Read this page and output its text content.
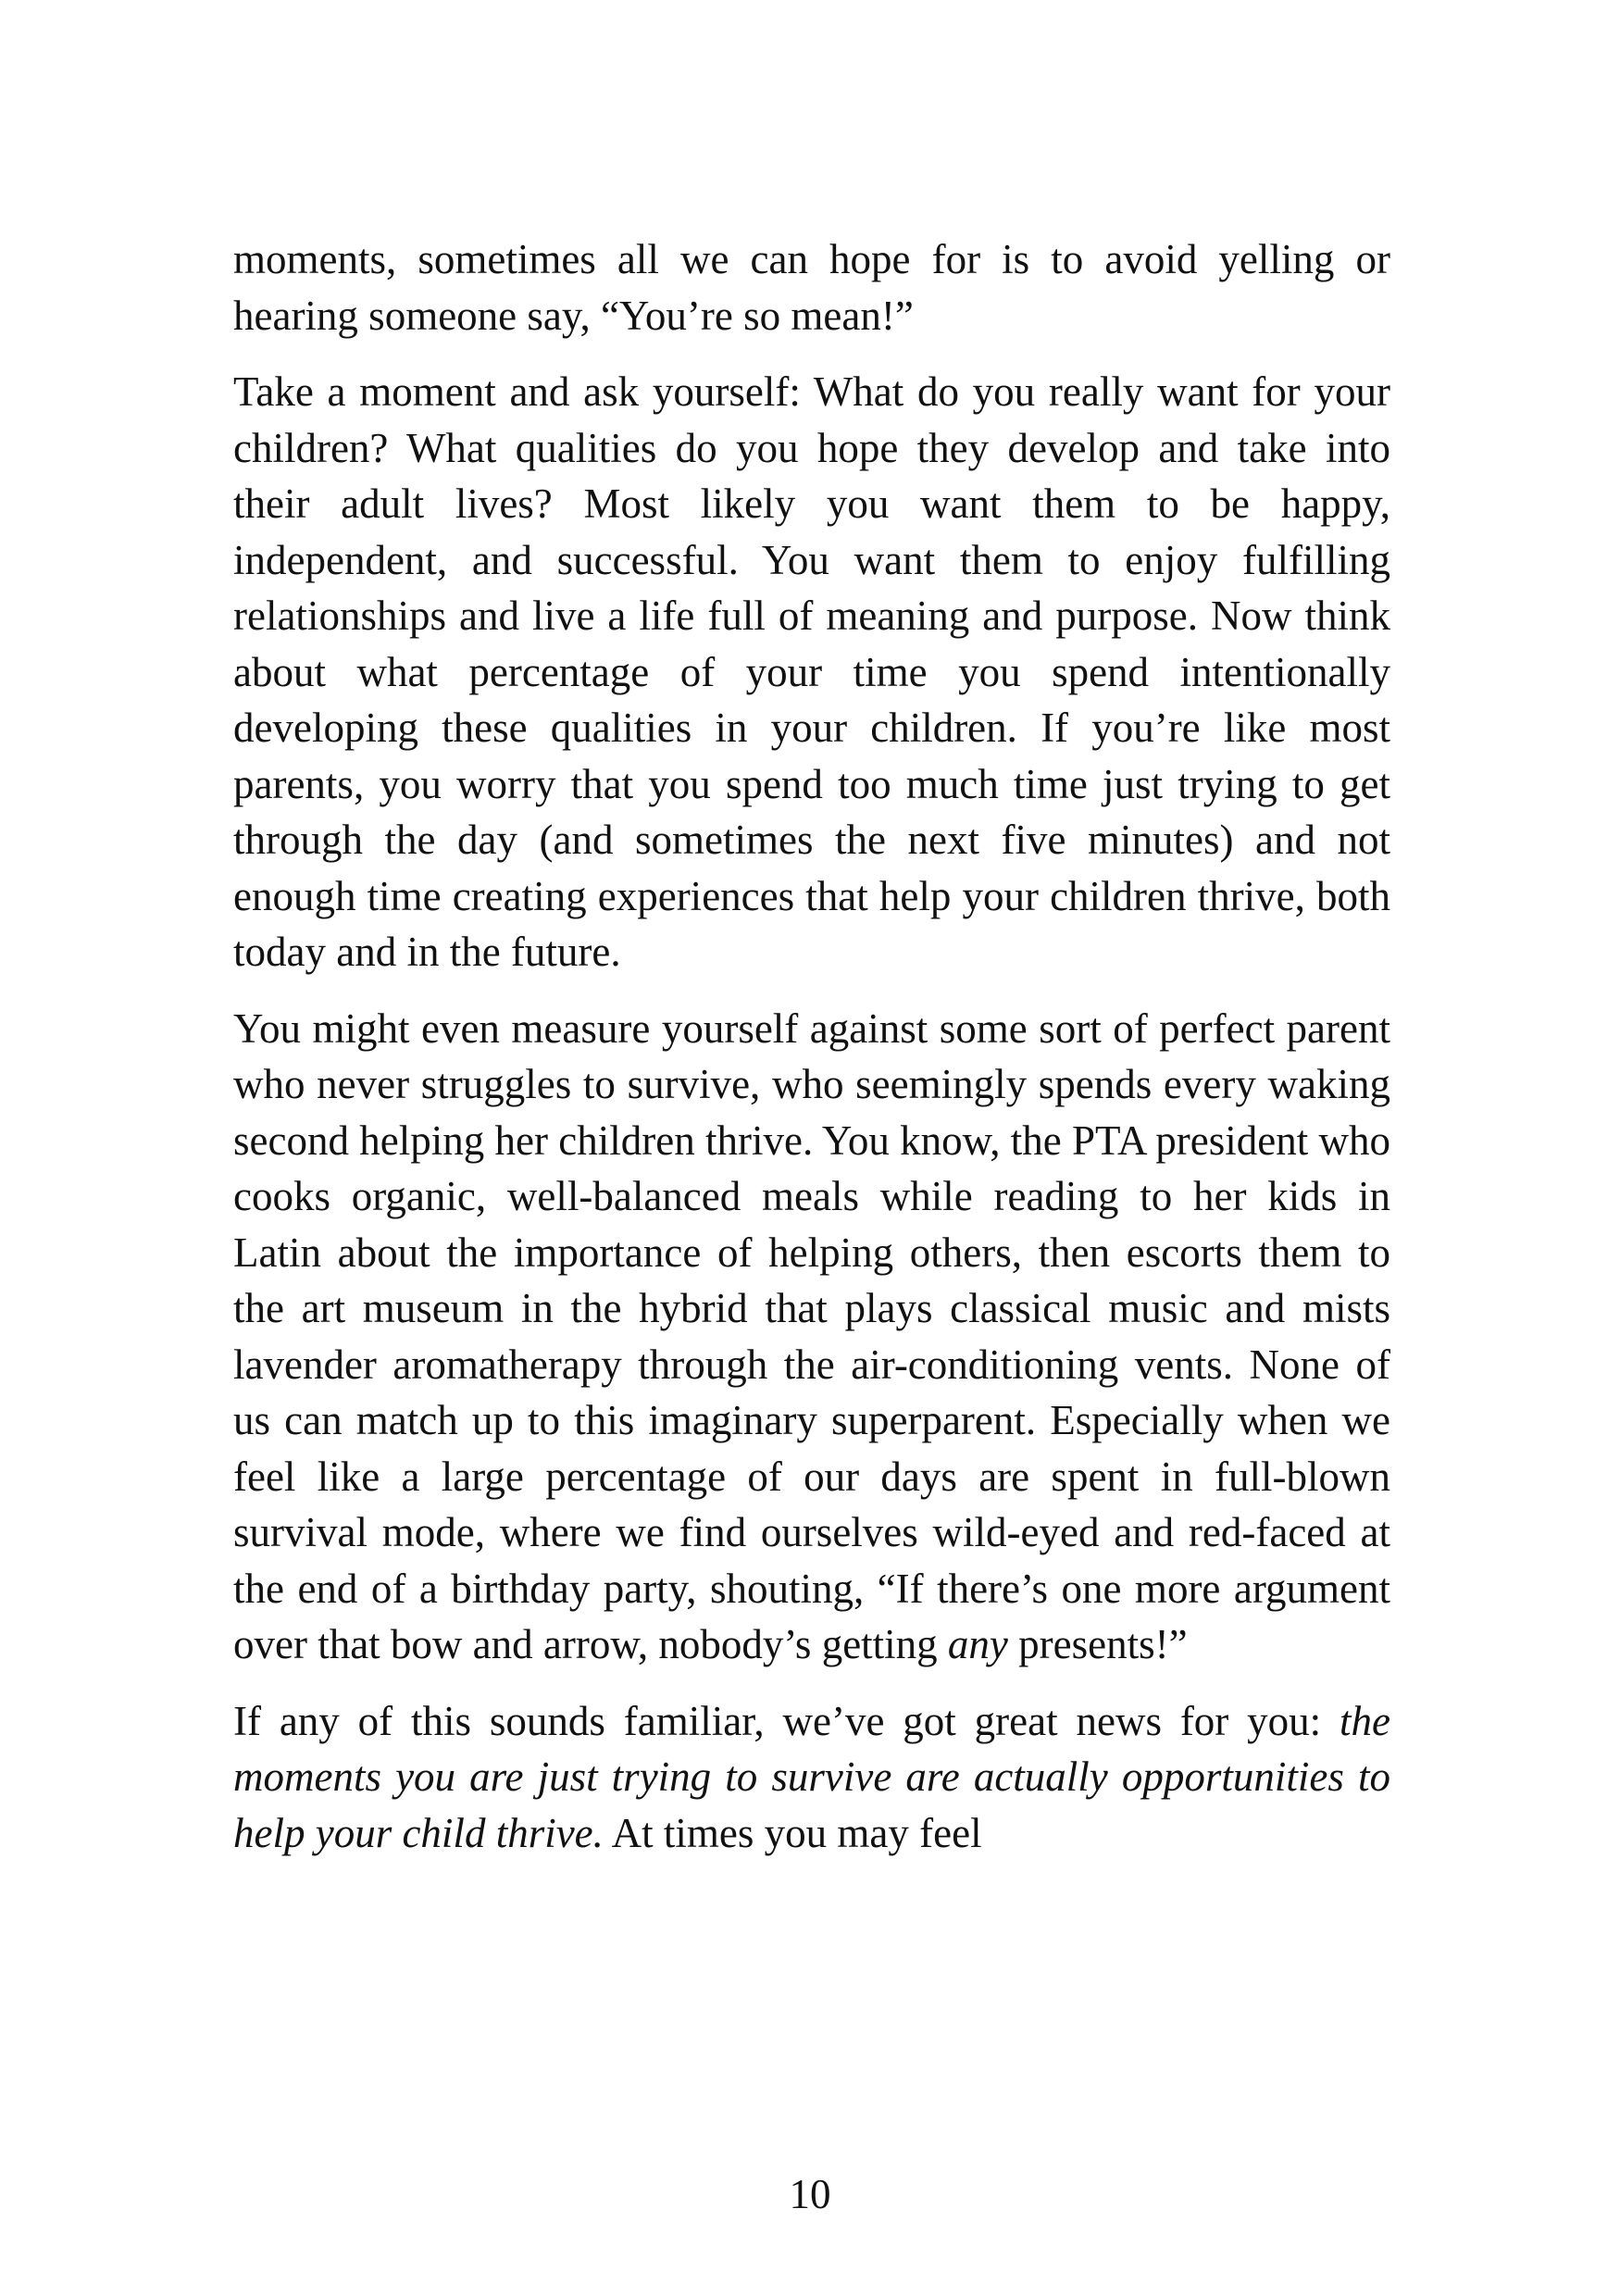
moments, sometimes all we can hope for is to avoid yelling or hearing someone say, “You’re so mean!”

Take a moment and ask yourself: What do you really want for your children? What qualities do you hope they develop and take into their adult lives? Most likely you want them to be happy, independent, and successful. You want them to enjoy fulfilling relationships and live a life full of meaning and purpose. Now think about what percentage of your time you spend intentionally developing these qualities in your children. If you’re like most parents, you worry that you spend too much time just trying to get through the day (and sometimes the next five minutes) and not enough time creating experiences that help your children thrive, both today and in the future.

You might even measure yourself against some sort of perfect parent who never struggles to survive, who seemingly spends every waking second helping her children thrive. You know, the PTA president who cooks organic, well-balanced meals while reading to her kids in Latin about the importance of helping others, then escorts them to the art museum in the hybrid that plays classical music and mists lavender aromatherapy through the air-conditioning vents. None of us can match up to this imaginary superparent. Especially when we feel like a large percentage of our days are spent in full-blown survival mode, where we find ourselves wild-eyed and red-faced at the end of a birthday party, shouting, “If there’s one more argument over that bow and arrow, nobody’s getting any presents!”

If any of this sounds familiar, we’ve got great news for you: the moments you are just trying to survive are actually opportunities to help your child thrive. At times you may feel

10
